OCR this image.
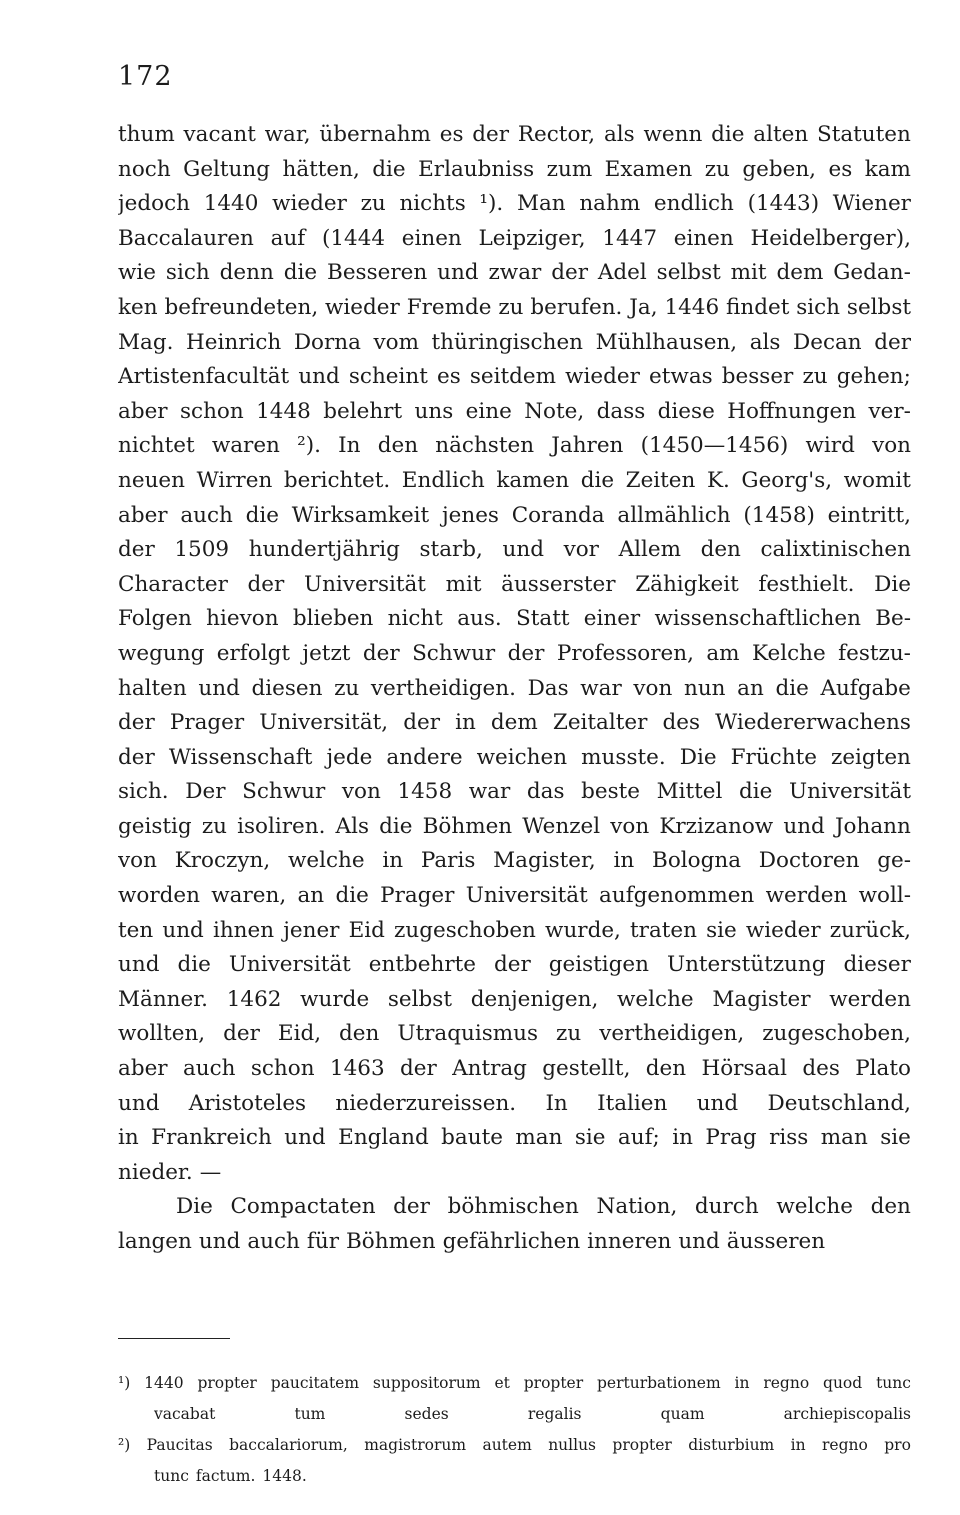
172
thum vacant war, übernahm es der Rector, als wenn die alten Statuten
noch Geltung hätten, die Erlaubniss zum Examen zu geben, es kam
jedoch 1440 wieder zu nichts ¹). Man nahm endlich (1443) Wiener
Baccalauren auf (1444 einen Leipziger, 1447 einen Heidelberger),
wie sich denn die Besseren und zwar der Adel selbst mit dem Gedan-
ken befreundeten, wieder Fremde zu berufen. Ja, 1446 findet sich selbst
Mag. Heinrich Dorna vom thüringischen Mühlhausen, als Decan der
Artistenfacultät und scheint es seitdem wieder etwas besser zu gehen;
aber schon 1448 belehrt uns eine Note, dass diese Hoffnungen ver-
nichtet waren ²). In den nächsten Jahren (1450—1456) wird von
neuen Wirren berichtet. Endlich kamen die Zeiten K. Georg's, womit
aber auch die Wirksamkeit jenes Coranda allmählich (1458) eintritt,
der 1509 hundertjährig starb, und vor Allem den calixtinischen
Character der Universität mit äusserster Zähigkeit festhielt. Die
Folgen hievon blieben nicht aus. Statt einer wissenschaftlichen Be-
wegung erfolgt jetzt der Schwur der Professoren, am Kelche festzu-
halten und diesen zu vertheidigen. Das war von nun an die Aufgabe
der Prager Universität, der in dem Zeitalter des Wiedererwachens
der Wissenschaft jede andere weichen musste. Die Früchte zeigten
sich. Der Schwur von 1458 war das beste Mittel die Universität
geistig zu isoliren. Als die Böhmen Wenzel von Krzizanow und Johann
von Kroczyn, welche in Paris Magister, in Bologna Doctoren ge-
worden waren, an die Prager Universität aufgenommen werden woll-
ten und ihnen jener Eid zugeschoben wurde, traten sie wieder zurück,
und die Universität entbehrte der geistigen Unterstützung dieser
Männer. 1462 wurde selbst denjenigen, welche Magister werden
wollten, der Eid, den Utraquismus zu vertheidigen, zugeschoben,
aber auch schon 1463 der Antrag gestellt, den Hörsaal des Plato
und Aristoteles niederzureissen. In Italien und Deutschland,
in Frankreich und England baute man sie auf; in Prag riss man sie
nieder. —
Die Compactaten der böhmischen Nation, durch welche den
langen und auch für Böhmen gefährlichen inneren und äusseren
¹) 1440 propter paucitatem suppositorum et propter perturbationem in regno quod tunc
vacabat	tum	sedes	regalis	quam	archiepiscopalis
²) Paucitas baccalariorum, magistrorum autem nullus propter disturbium in regno pro
tunc factum. 1448.
